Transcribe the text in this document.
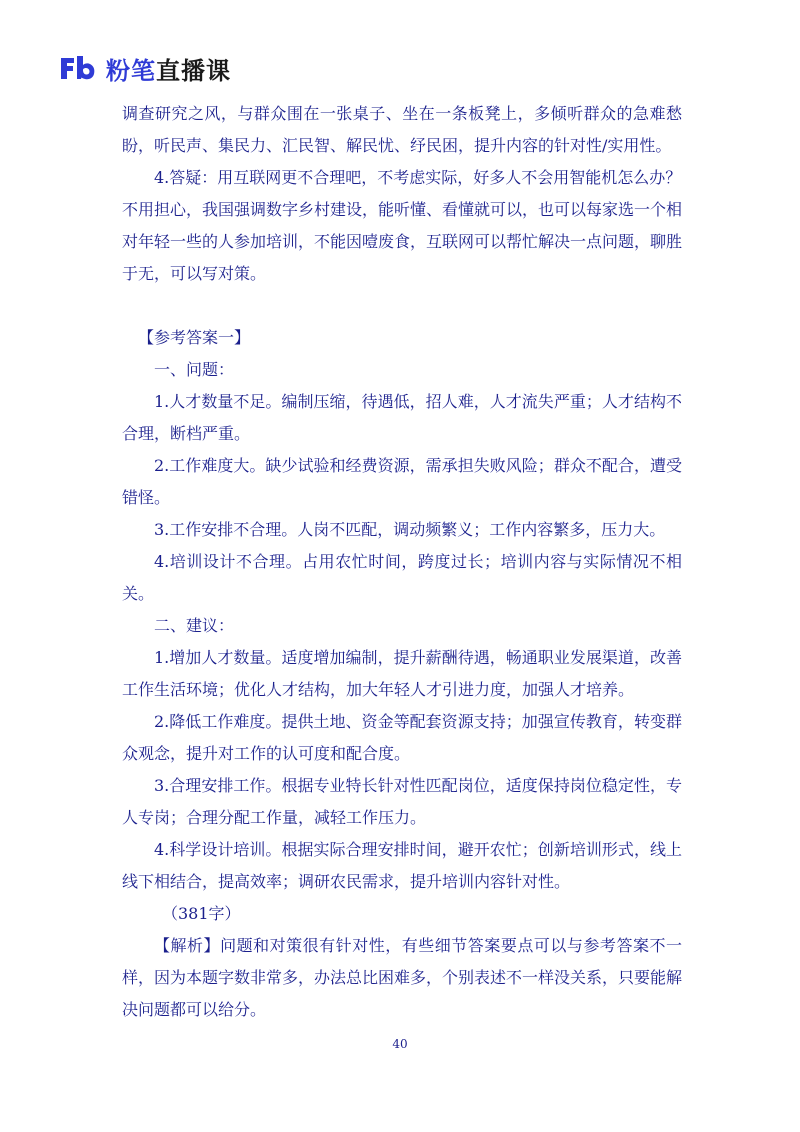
粉笔直播课

调查研究之风，与群众围在一张桌子、坐在一条板凳上，多倾听群众的急难愁盼，听民声、集民力、汇民智、解民忧、纾民困，提升内容的针对性/实用性。

4.答疑：用互联网更不合理吧，不考虑实际，好多人不会用智能机怎么办？

不用担心，我国强调数字乡村建设，能听懂、看懂就可以，也可以每家选一个相对年轻一些的人参加培训，不能因噎废食，互联网可以帮忙解决一点问题，聊胜于无，可以写对策。

【参考答案一】

一、问题：

1.人才数量不足。编制压缩，待遇低，招人难，人才流失严重；人才结构不合理，断档严重。

2.工作难度大。缺少试验和经费资源，需承担失败风险；群众不配合，遭受错怪。

3.工作安排不合理。人岗不匹配，调动频繁义；工作内容繁多，压力大。

4.培训设计不合理。占用农忙时间，跨度过长；培训内容与实际情况不相关。

二、建议：

1.增加人才数量。适度增加编制，提升薪酬待遇，畅通职业发展渠道，改善工作生活环境；优化人才结构，加大年轻人才引进力度，加强人才培养。

2.降低工作难度。提供土地、资金等配套资源支持；加强宣传教育，转变群众观念，提升对工作的认可度和配合度。

3.合理安排工作。根据专业特长针对性匹配岗位，适度保持岗位稳定性，专人专岗；合理分配工作量，减轻工作压力。

4.科学设计培训。根据实际合理安排时间，避开农忙；创新培训形式，线上线下相结合，提高效率；调研农民需求，提升培训内容针对性。

（381字）

【解析】问题和对策很有针对性，有些细节答案要点可以与参考答案不一样，因为本题字数非常多，办法总比困难多，个别表述不一样没关系，只要能解决问题都可以给分。

40
